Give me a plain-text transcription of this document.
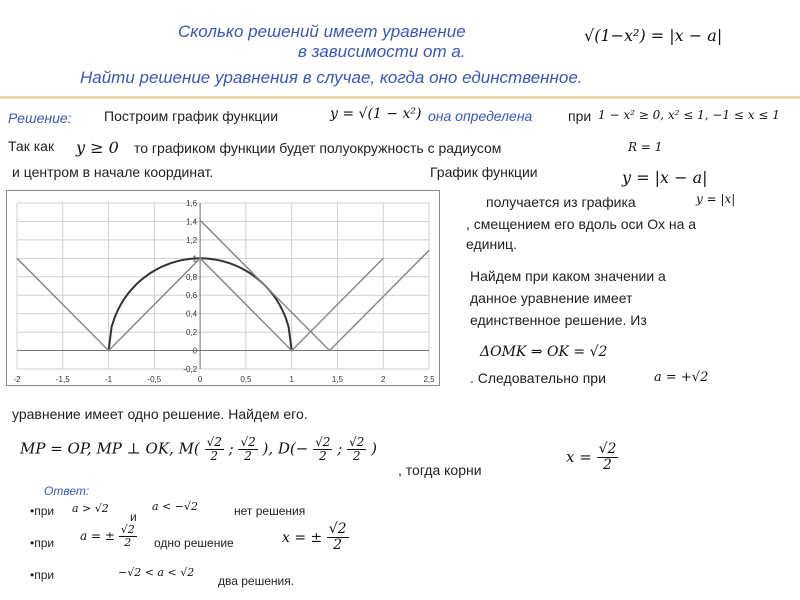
Сколько решений имеет уравнение
в зависимости от а.
Найти решение уравнения в случае, когда оно единственное.
√(1−x²) = |x − a|
Решение: Построим график функции	y = √(1 − x²) она определена	при 1 − x² ≥ 0, x² ≤ 1, −1 ≤ x ≤ 1
Так как y ≥ 0 то графиком функции будет полуокружность с радиусом	R = 1
и центром в начале координат.	График функции	y = |x − a|
-2	-1,5	-1	-0,5	0	0,5	1	1,5	2	2,5
-0,2
0
0,2
0,4
0,6
0,8
1
1,2
1,4
1,6	получается из графика	y = |x|
, смещением его вдоль оси Ох на а
единиц.
Найдем при каком значении а
данное уравнение имеет
единственное решение. Из
ΔOMK ⇒ OK = √2
. Следовательно при	a = +√2
уравнение имеет одно решение. Найдем его.
MP = OP, MP ⊥ OK, $M( \frac{√2}{2}$ ; $\frac{√2}{2}$ ), $D(- \frac{√2}{2}$ ; $\frac{√2}{2}$ )
, тогда корни
$x = \frac{√2}{2}$
Ответ:
•при a > √2
и
a < −√2	нет решения
•при a = ± $\frac{√2}{2}$ одно решение	x = ± $\frac{√2}{2}$
•при	−√2 < a < √2
два решения.
